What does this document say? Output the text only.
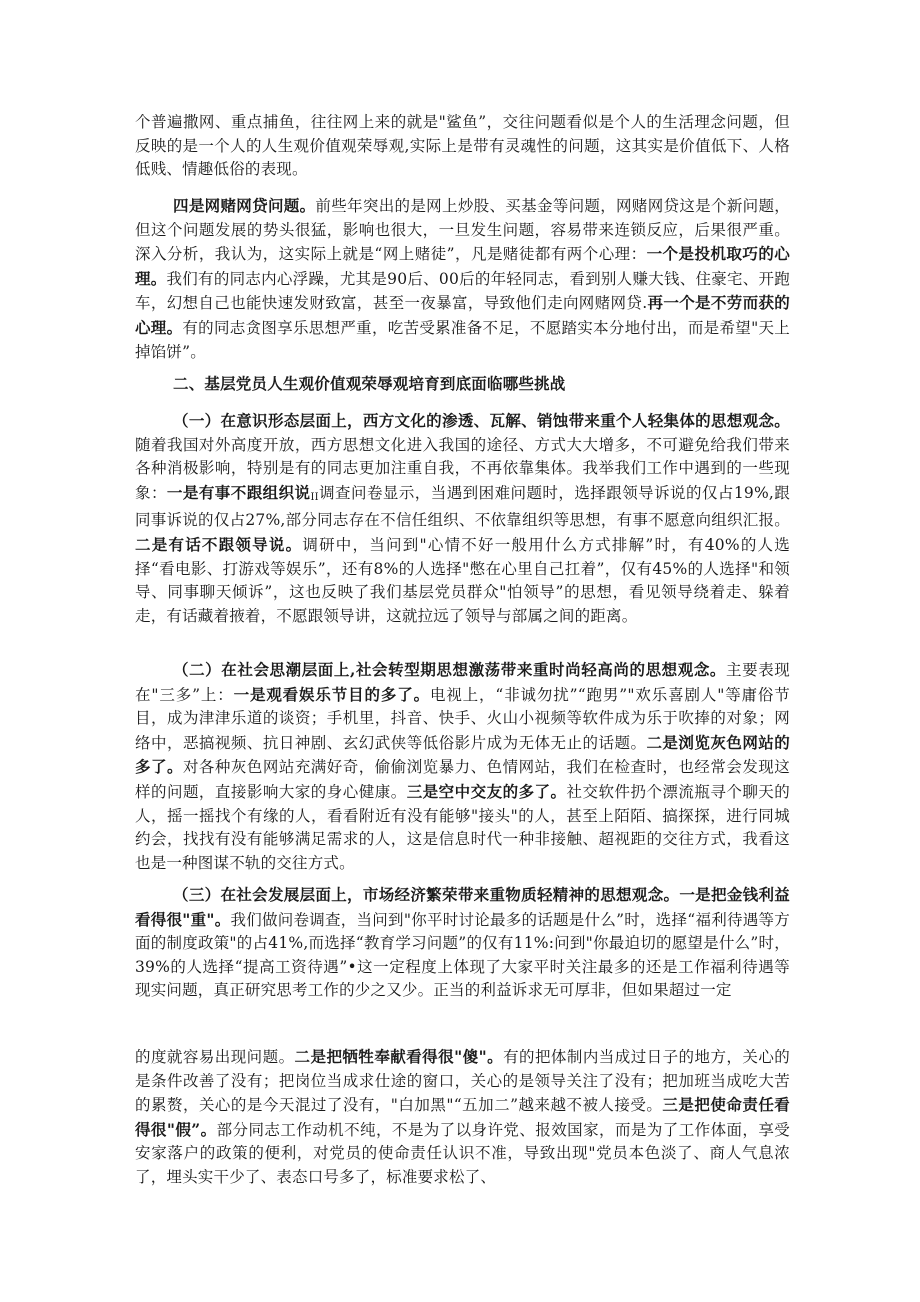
个普遍撒网、重点捕鱼，往往网上来的就是"鲨鱼”，交往问题看似是个人的生活理念问题，但反映的是一个人的人生观价值观荣辱观,实际上是带有灵魂性的问题，这其实是价值低下、人格低贱、情趣低俗的表现。

四是网赌网贷问题。前些年突出的是网上炒股、买基金等问题，网赌网贷这是个新问题，但这个问题发展的势头很猛，影响也很大，一旦发生问题，容易带来连锁反应，后果很严重。深入分析，我认为，这实际上就是“网上赌徒”，凡是赌徒都有两个心理：一个是投机取巧的心理。我们有的同志内心浮躁，尤其是90后、00后的年轻同志，看到别人赚大钱、住豪宅、开跑车，幻想自己也能快速发财致富，甚至一夜暴富，导致他们走向网赌网贷.再一个是不劳而获的心理。有的同志贪图享乐思想严重，吃苦受累准备不足，不愿踏实本分地付出，而是希望"天上掉馅饼”。

二、基层党员人生观价值观荣辱观培育到底面临哪些挑战

（一）在意识形态层面上，西方文化的渗透、瓦解、销蚀带来重个人轻集体的思想观念。随着我国对外高度开放，西方思想文化进入我国的途径、方式大大增多，不可避免给我们带来各种消极影响，特别是有的同志更加注重自我，不再依靠集体。我举我们工作中遇到的一些现象：一是有事不跟组织说$_{II}$调查问卷显示，当遇到困难问题时，选择跟领导诉说的仅占19%,跟同事诉说的仅占27%,部分同志存在不信任组织、不依靠组织等思想，有事不愿意向组织汇报。二是有话不跟领导说。调研中，当问到"心情不好一般用什么方式排解”时，有40%的人选择“看电影、打游戏等娱乐”，还有8%的人选择"憋在心里自己扛着”，仅有45%的人选择"和领导、同事聊天倾诉”，这也反映了我们基层党员群众"怕领导”的思想，看见领导绕着走、躲着走，有话藏着掖着，不愿跟领导讲，这就拉远了领导与部属之间的距离。

（二）在社会思潮层面上,社会转型期思想激荡带来重时尚轻高尚的思想观念。主要表现在"三多”上：一是观看娱乐节目的多了。电视上，“非诚勿扰”“跑男”"欢乐喜剧人"等庸俗节目，成为津津乐道的谈资；手机里，抖音、快手、火山小视频等软件成为乐于吹捧的对象；网络中，恶搞视频、抗日神剧、玄幻武侠等低俗影片成为无体无止的话题。二是浏览灰色网站的多了。对各种灰色网站充满好奇，偷偷浏览暴力、色情网站，我们在检查时，也经常会发现这样的问题，直接影响大家的身心健康。三是空中交友的多了。社交软件扔个漂流瓶寻个聊天的人，摇一摇找个有缘的人，看看附近有没有能够"接头"的人，甚至上陌陌、搞探探，进行同城约会，找找有没有能够满足需求的人，这是信息时代一种非接触、超视距的交往方式，我看这也是一种图谋不轨的交往方式。

（三）在社会发展层面上，市场经济繁荣带来重物质轻精神的思想观念。一是把金钱利益看得很"重"。我们做问卷调查，当问到"你平时讨论最多的话题是什么”时，选择“福利待遇等方面的制度政策"的占41%,而选择“教育学习问题”的仅有11%:问到"你最迫切的愿望是什么”时，39%的人选择“提高工资待遇”•这一定程度上体现了大家平时关注最多的还是工作福利待遇等现实问题，真正研究思考工作的少之又少。正当的利益诉求无可厚非，但如果超过一定

的度就容易出现问题。二是把牺牲奉献看得很"傻"。有的把体制内当成过日子的地方，关心的是条件改善了没有；把岗位当成求仕途的窗口，关心的是领导关注了没有；把加班当成吃大苦的累赘，关心的是今天混过了没有，"白加黑"“五加二”越来越不被人接受。三是把使命责任看得很"假”。部分同志工作动机不纯，不是为了以身许党、报效国家，而是为了工作体面，享受安家落户的政策的便利，对党员的使命责任认识不准，导致出现"党员本色淡了、商人气息浓了，埋头实干少了、表态口号多了，标准要求松了、
